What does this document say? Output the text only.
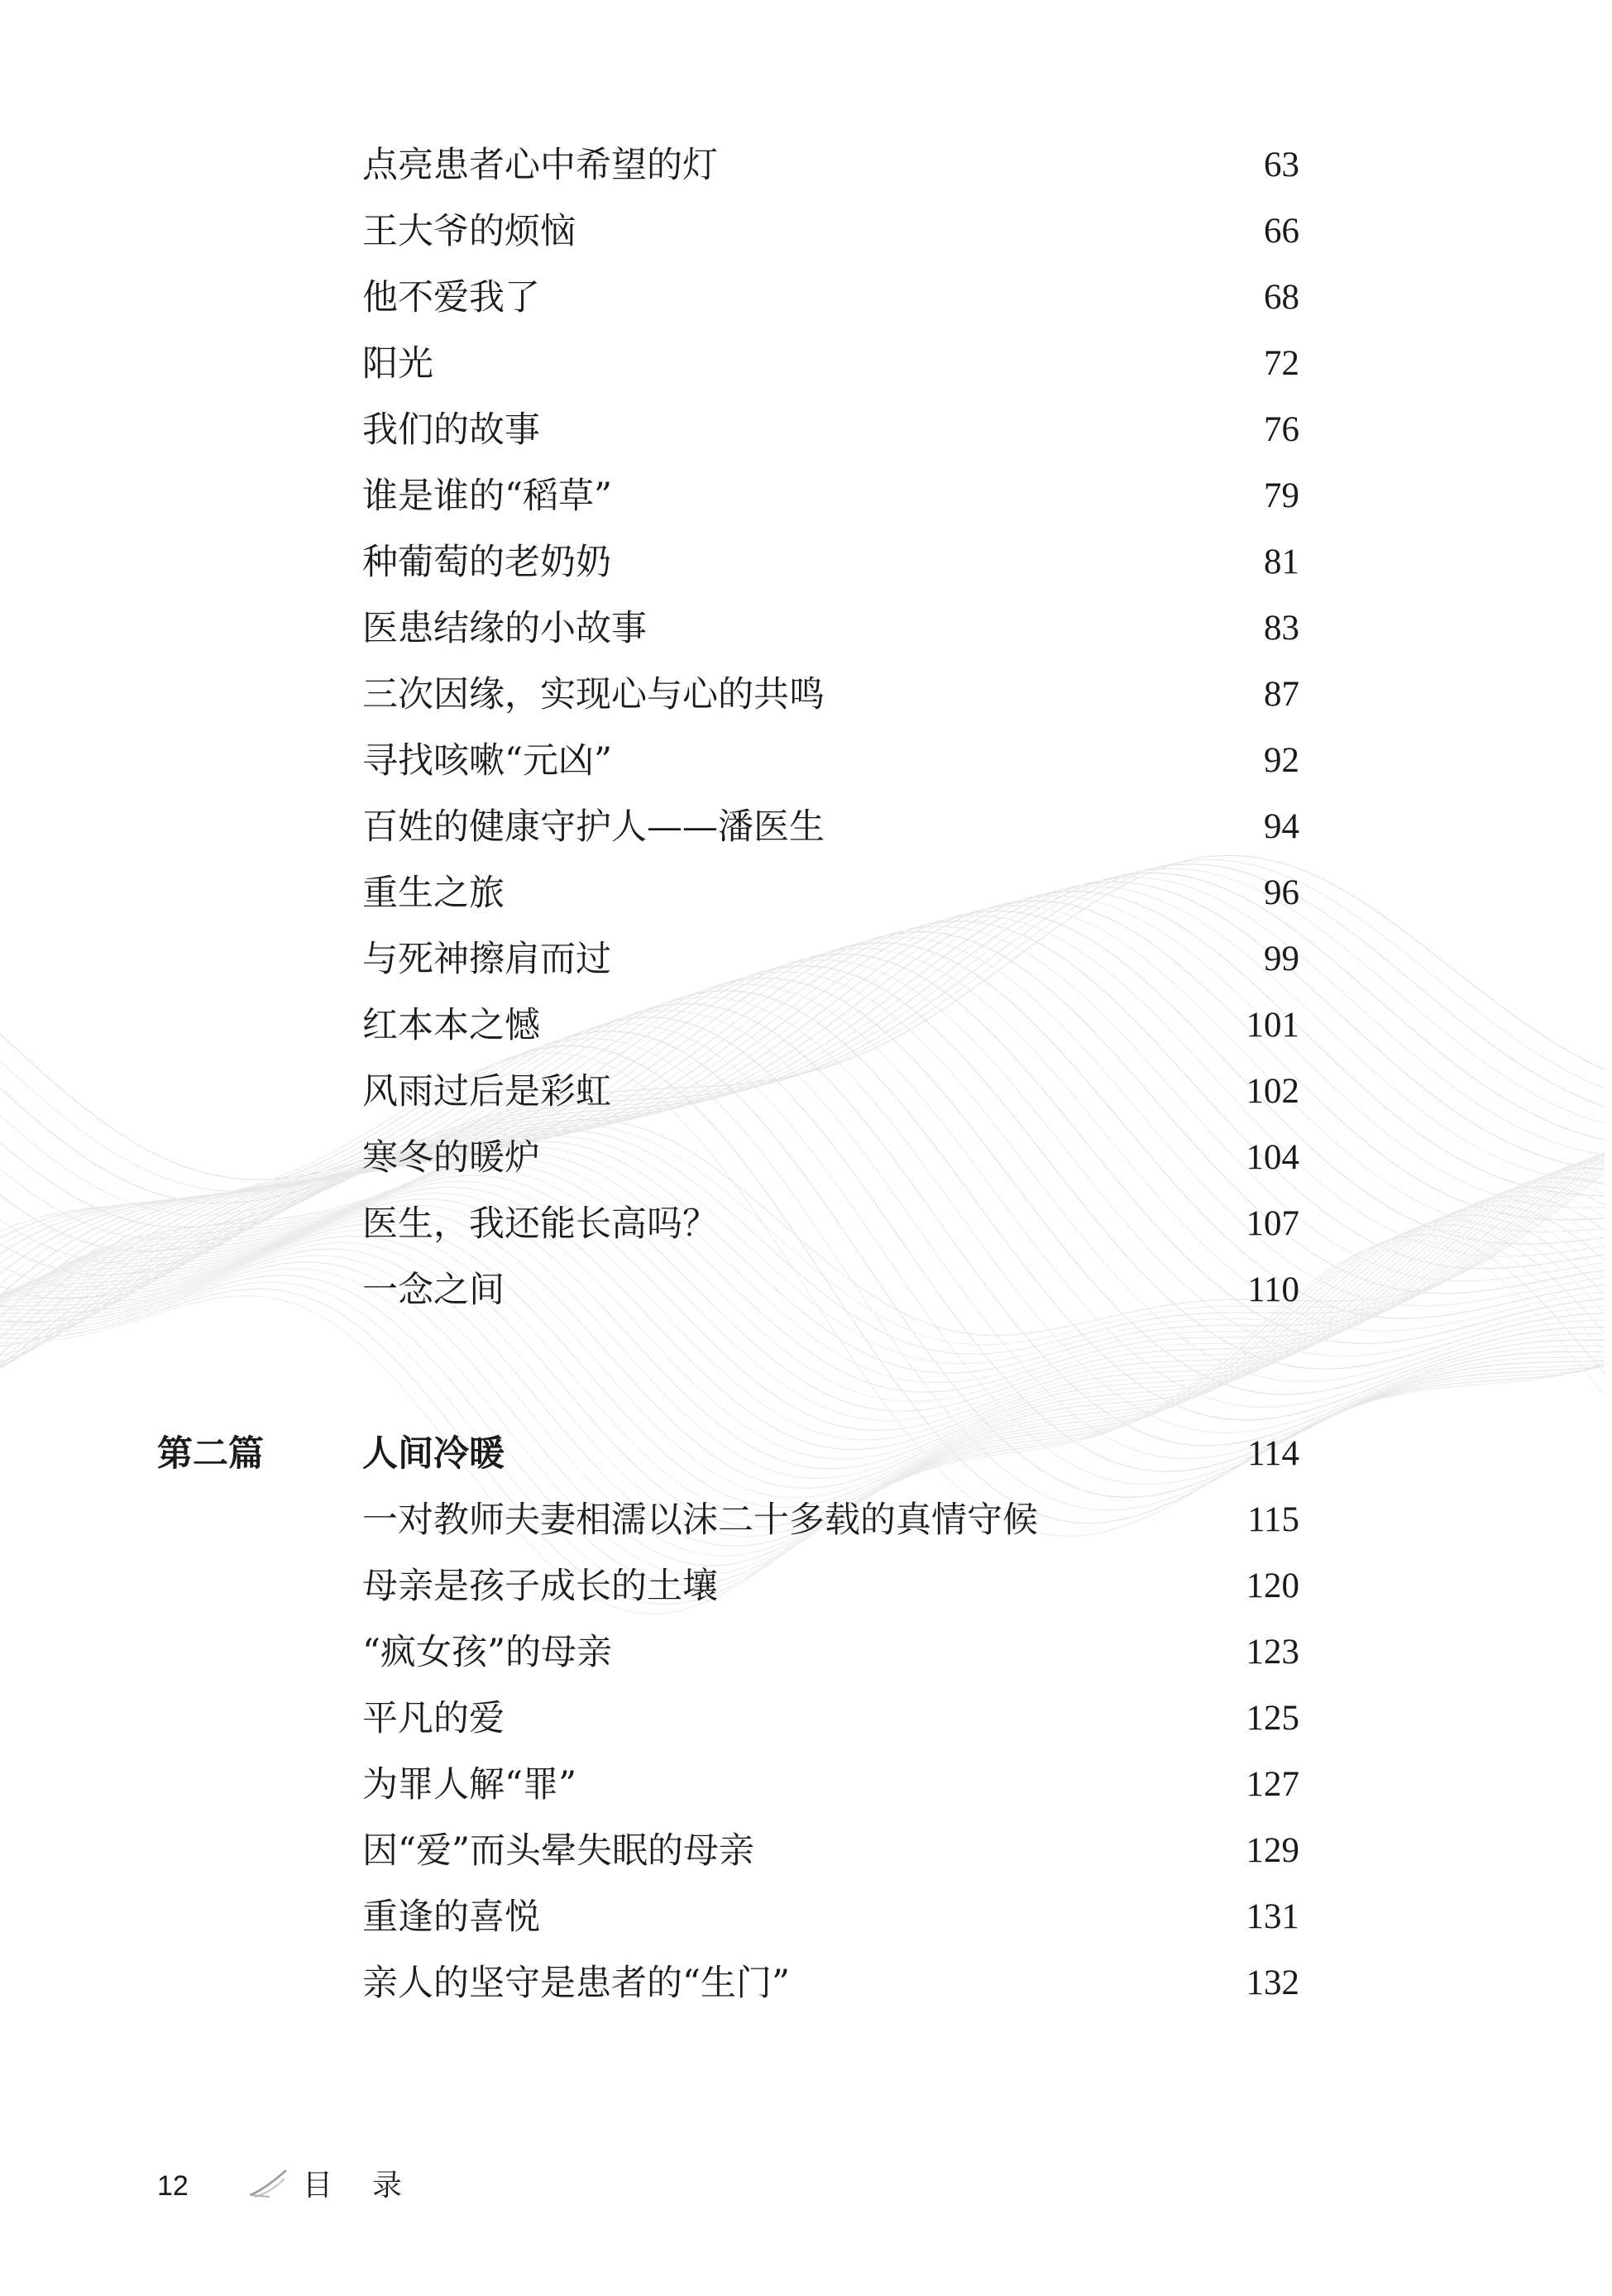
点亮患者心中希望的灯	63
王大爷的烦恼	66
他不爱我了	68
阳光	72
我们的故事	76
谁是谁的“稻草”	79
种葡萄的老奶奶	81
医患结缘的小故事	83
三次因缘，实现心与心的共鸣	87
寻找咳嗽“元凶”	92
百姓的健康守护人——潘医生	94
重生之旅	96
与死神擦肩而过	99
红本本之憾	101
风雨过后是彩虹	102
寒冬的暖炉	104
医生，我还能长高吗？	107
一念之间	110
第二篇	人间冷暖	114
一对教师夫妻相濡以沫二十多载的真情守候	115
母亲是孩子成长的土壤	120
“疯女孩”的母亲	123
平凡的爱	125
为罪人解“罪”	127
因“爱”而头晕失眠的母亲	129
重逢的喜悦	131
亲人的坚守是患者的“生门”	132
12	目录
